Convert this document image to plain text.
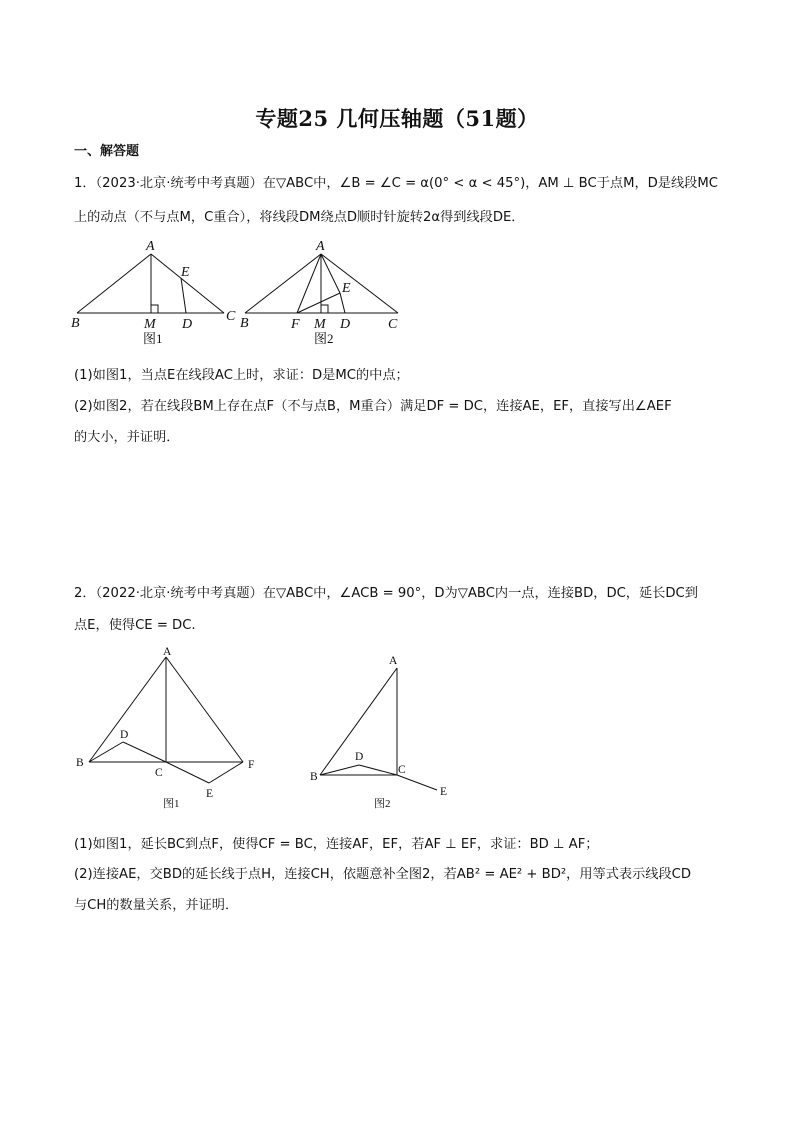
专题25 几何压轴题（51题）
一、解答题
1．（2023·北京·统考中考真题）在▽ABC中，∠B = ∠C = α(0° < α < 45°)，AM ⊥ BC于点M，D是线段MC
上的动点（不与点M，C重合），将线段DM绕点D顺时针旋转2α得到线段DE．
A
B	M D
C
E
图1
A
B	F M D	C
E
图2
A
B
C
D
E
F
图1
A
B
C
D
E
图2
(1)如图1，当点E在线段AC上时，求证：D是MC的中点；
(2)如图2，若在线段BM上存在点F（不与点B，M重合）满足DF = DC，连接AE，EF，直接写出∠AEF
的大小，并证明．
2．（2022·北京·统考中考真题）在▽ABC中，∠ACB = 90°，D为▽ABC内一点，连接BD，DC，延长DC到
点E，使得CE = DC.
(1)如图1，延长BC到点F，使得CF = BC，连接AF，EF，若AF ⊥ EF，求证：BD ⊥ AF；
(2)连接AE，交BD的延长线于点H，连接CH，依题意补全图2，若AB² = AE² + BD²，用等式表示线段CD
与CH的数量关系，并证明．
